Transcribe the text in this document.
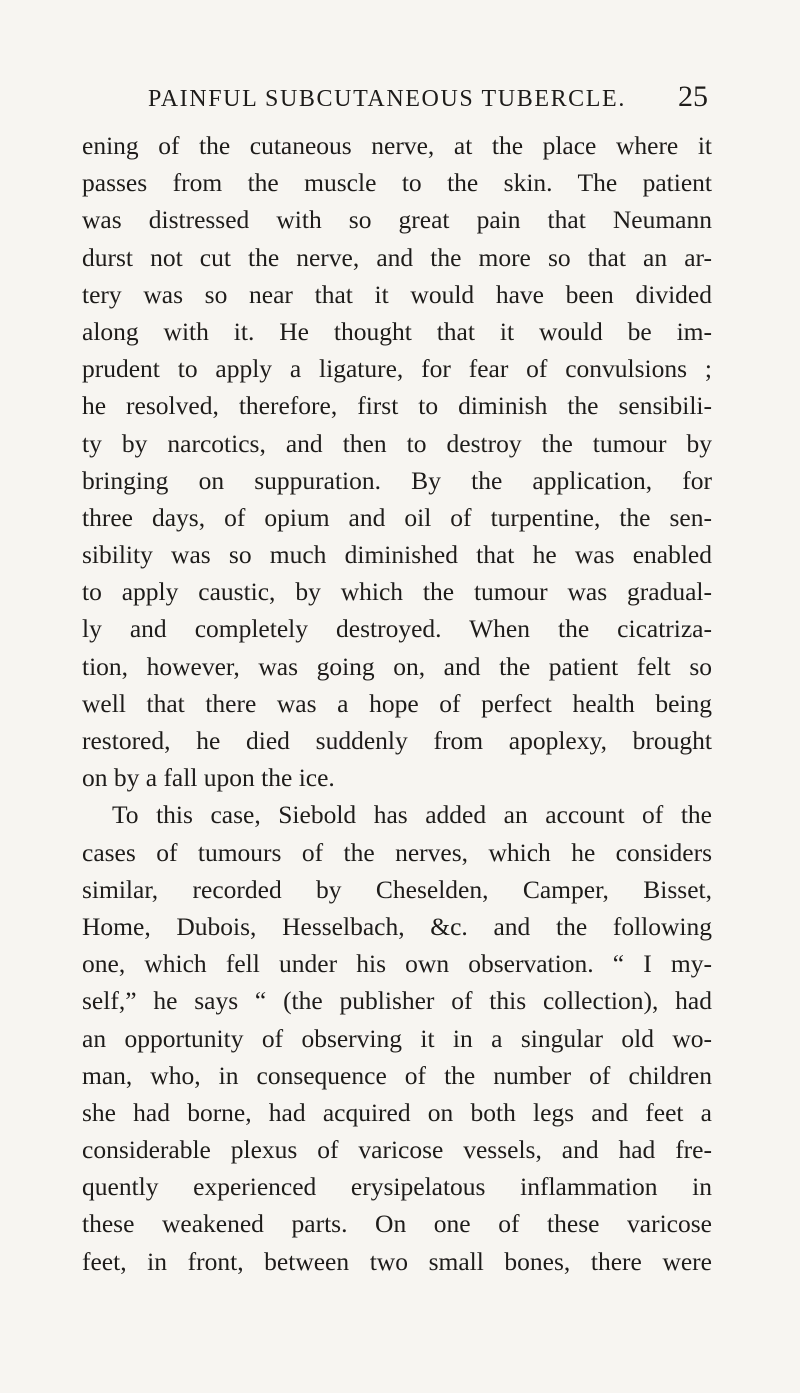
PAINFUL SUBCUTANEOUS TUBERCLE. 25
ening of the cutaneous nerve, at the place where it
passes from the muscle to the skin. The patient
was distressed with so great pain that Neumann
durst not cut the nerve, and the more so that an ar-
tery was so near that it would have been divided
along with it. He thought that it would be im-
prudent to apply a ligature, for fear of convulsions ;
he resolved, therefore, first to diminish the sensibili-
ty by narcotics, and then to destroy the tumour by
bringing on suppuration. By the application, for
three days, of opium and oil of turpentine, the sen-
sibility was so much diminished that he was enabled
to apply caustic, by which the tumour was gradual-
ly and completely destroyed. When the cicatriza-
tion, however, was going on, and the patient felt so
well that there was a hope of perfect health being
restored, he died suddenly from apoplexy, brought
on by a fall upon the ice.
To this case, Siebold has added an account of the
cases of tumours of the nerves, which he considers
similar, recorded by Cheselden, Camper, Bisset,
Home, Dubois, Hesselbach, &c. and the following
one, which fell under his own observation. “ I my-
self,” he says “ (the publisher of this collection), had
an opportunity of observing it in a singular old wo-
man, who, in consequence of the number of children
she had borne, had acquired on both legs and feet a
considerable plexus of varicose vessels, and had fre-
quently experienced erysipelatous inflammation in
these weakened parts. On one of these varicose
feet, in front, between two small bones, there were
